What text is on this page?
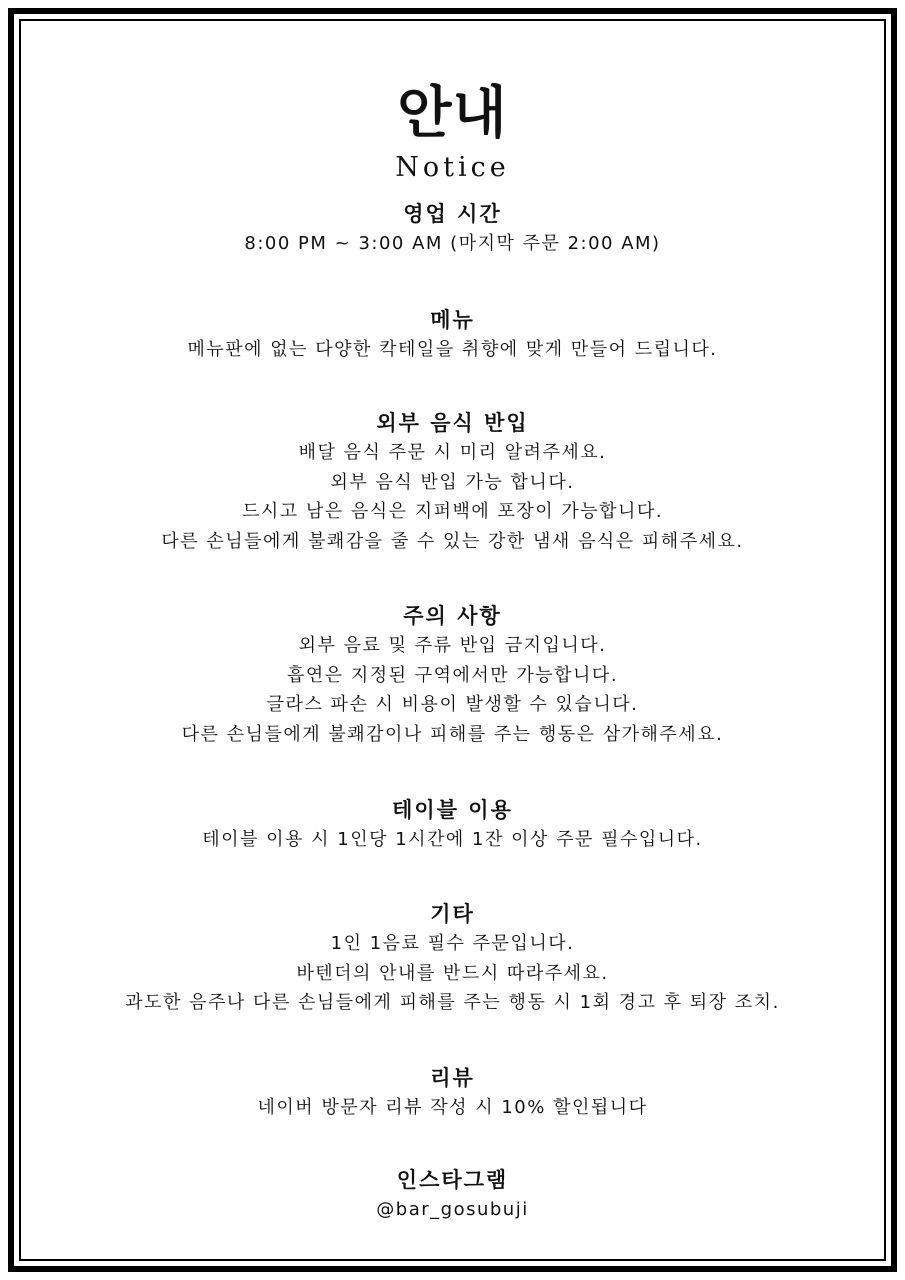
안내
Notice
영업 시간
8:00 PM ~ 3:00 AM (마지막 주문 2:00 AM)
메뉴
메뉴판에 없는 다양한 칵테일을 취향에 맞게 만들어 드립니다.
외부 음식 반입
배달 음식 주문 시 미리 알려주세요.
외부 음식 반입 가능 합니다.
드시고 남은 음식은 지퍼백에 포장이 가능합니다.
다른 손님들에게 불쾌감을 줄 수 있는 강한 냄새 음식은 피해주세요.
주의 사항
외부 음료 및 주류 반입 금지입니다.
흡연은 지정된 구역에서만 가능합니다.
글라스 파손 시 비용이 발생할 수 있습니다.
다른 손님들에게 불쾌감이나 피해를 주는 행동은 삼가해주세요.
테이블 이용
테이블 이용 시 1인당 1시간에 1잔 이상 주문 필수입니다.
기타
1인 1음료 필수 주문입니다.
바텐더의 안내를 반드시 따라주세요.
과도한 음주나 다른 손님들에게 피해를 주는 행동 시 1회 경고 후 퇴장 조치.
리뷰
네이버 방문자 리뷰 작성 시 10% 할인됩니다
인스타그램
@bar_gosubuji
